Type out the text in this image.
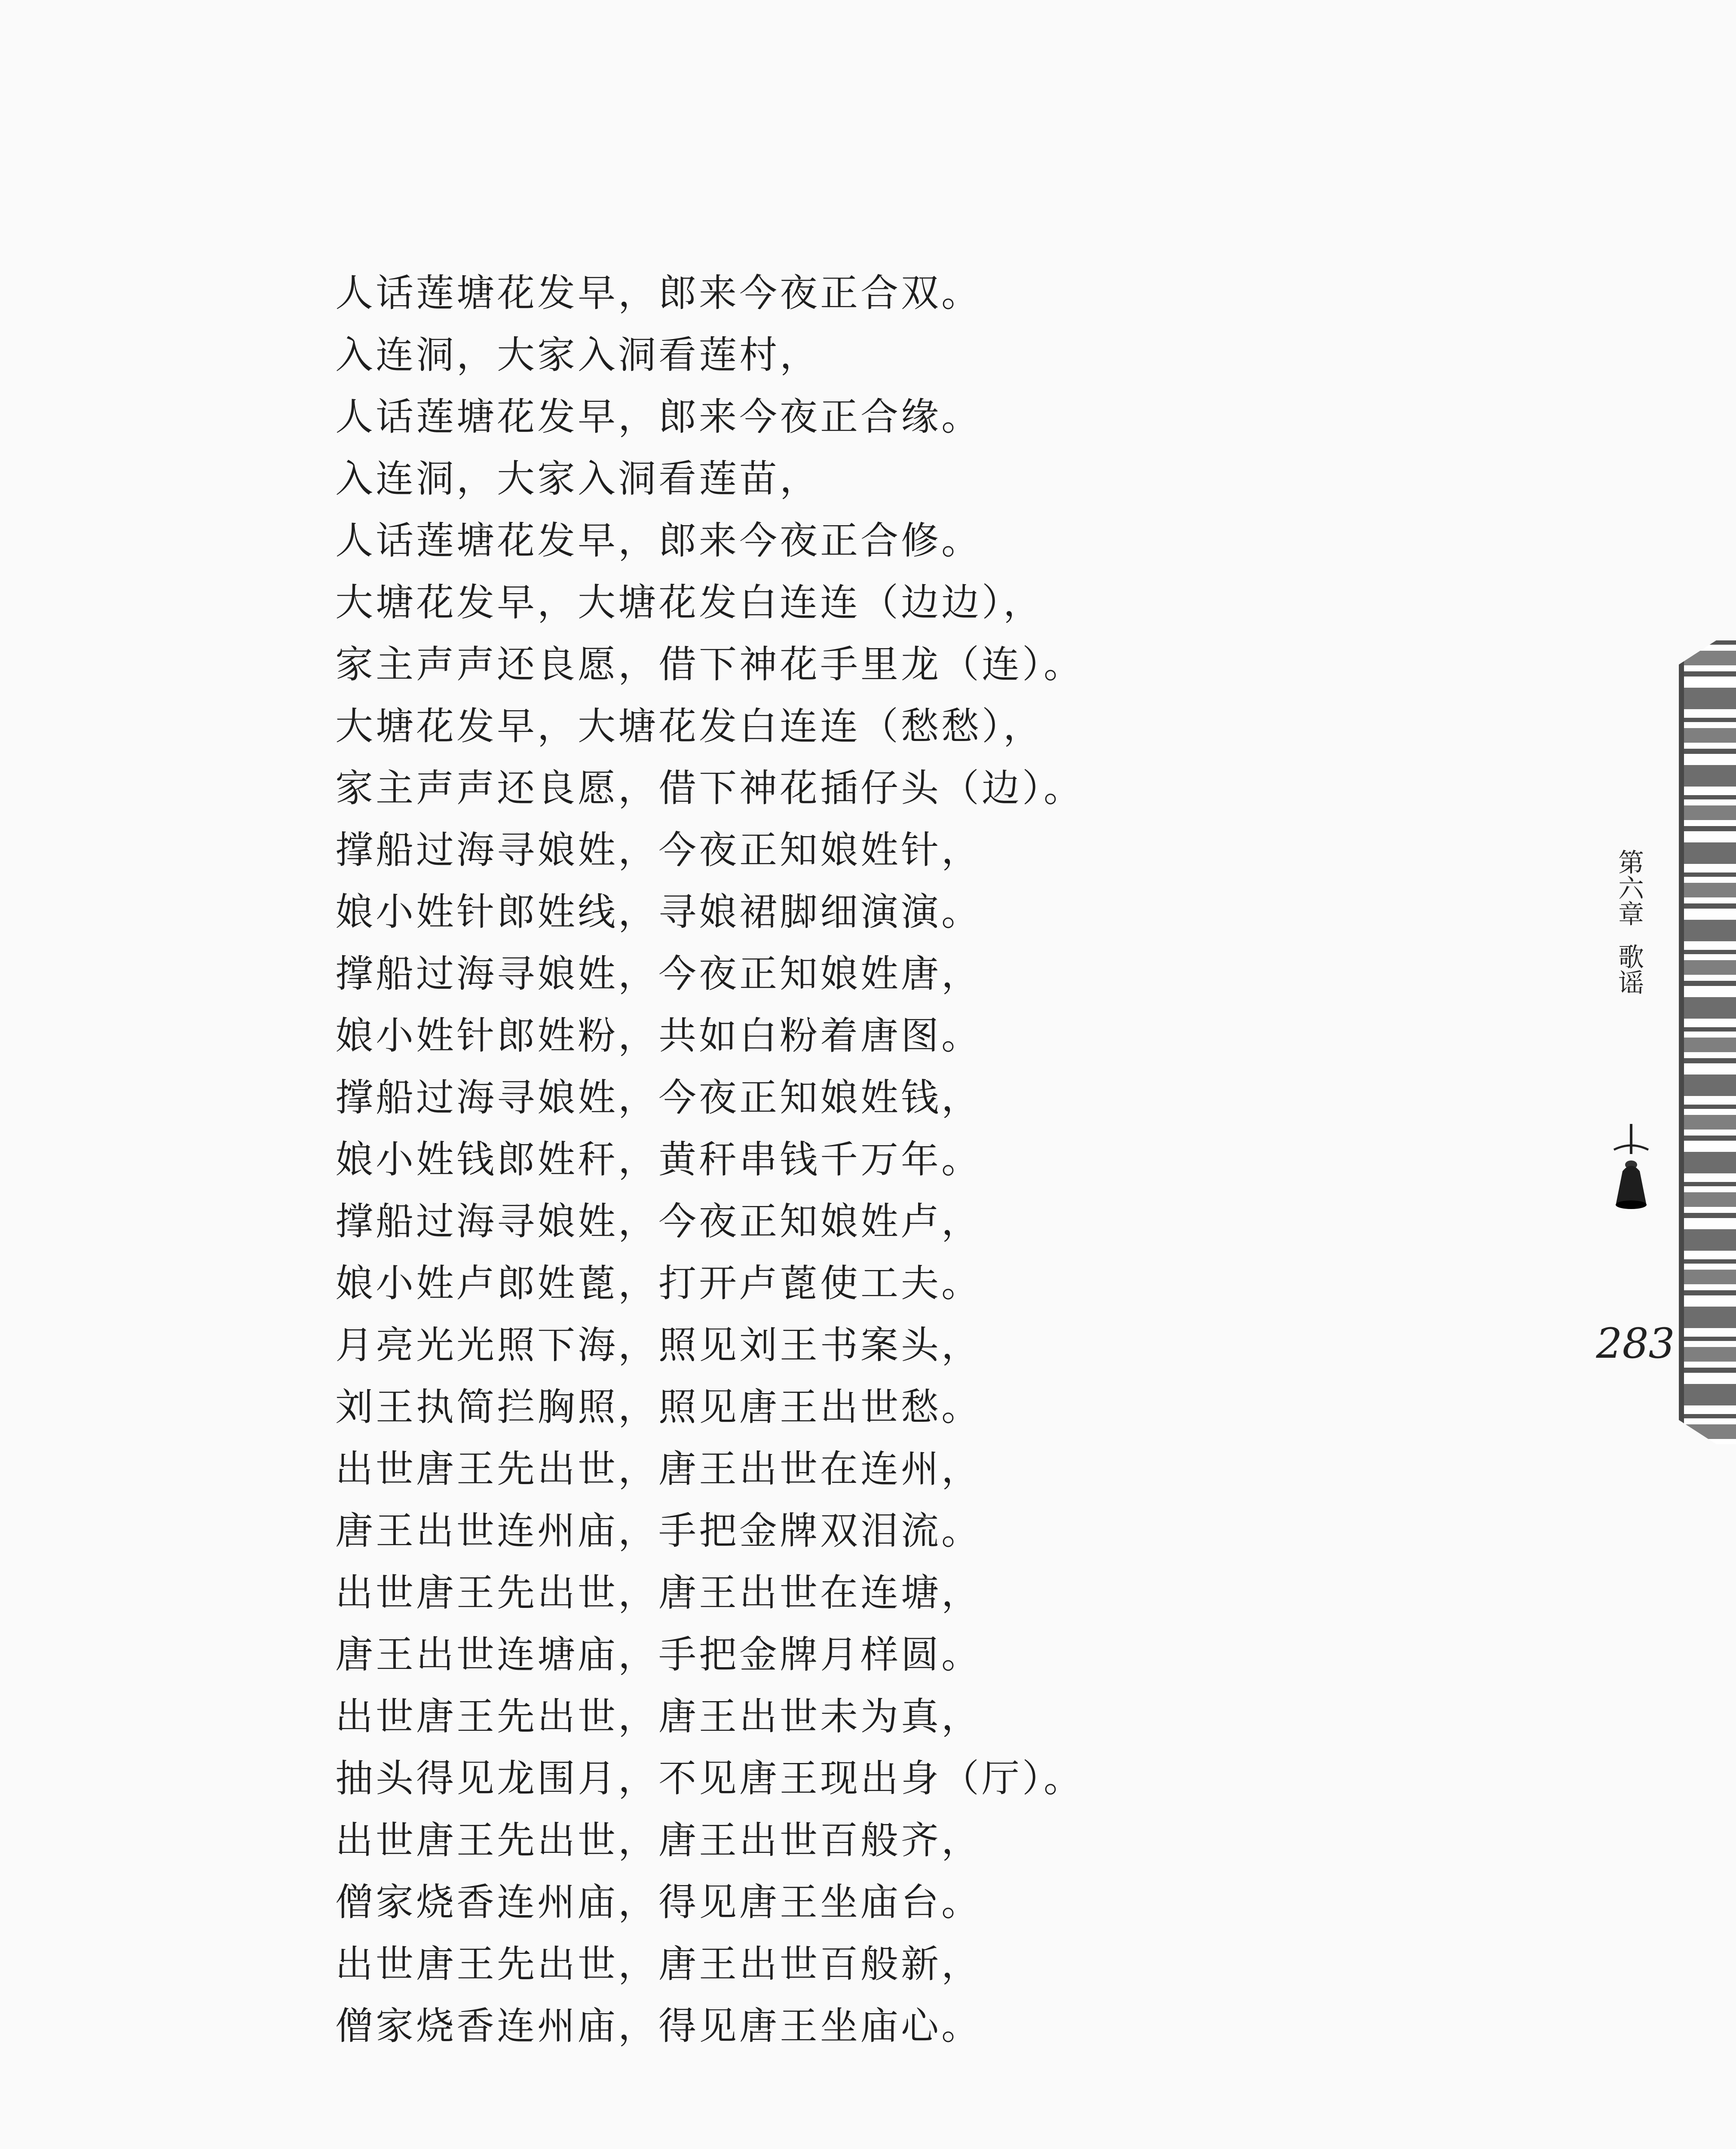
人话莲塘花发早，郎来今夜正合双。
入连洞，大家入洞看莲村，
人话莲塘花发早，郎来今夜正合缘。
入连洞，大家入洞看莲苗，
人话莲塘花发早，郎来今夜正合修。
大塘花发早，大塘花发白连连（边边），
家主声声还良愿，借下神花手里龙（连）。
大塘花发早，大塘花发白连连（愁愁），
家主声声还良愿，借下神花插仔头（边）。
撑船过海寻娘姓，今夜正知娘姓针，
娘小姓针郎姓线，寻娘裙脚细演演。
撑船过海寻娘姓，今夜正知娘姓唐，
娘小姓针郎姓粉，共如白粉着唐图。
撑船过海寻娘姓，今夜正知娘姓钱，
娘小姓钱郎姓秆，黄秆串钱千万年。
撑船过海寻娘姓，今夜正知娘姓卢，
娘小姓卢郎姓蓖，打开卢蓖使工夫。
月亮光光照下海，照见刘王书案头，
刘王执简拦胸照，照见唐王出世愁。
出世唐王先出世，唐王出世在连州，
唐王出世连州庙，手把金牌双泪流。
出世唐王先出世，唐王出世在连塘，
唐王出世连塘庙，手把金牌月样圆。
出世唐王先出世，唐王出世未为真，
抽头得见龙围月，不见唐王现出身（厅）。
出世唐王先出世，唐王出世百般齐，
僧家烧香连州庙，得见唐王坐庙台。
出世唐王先出世，唐王出世百般新，
僧家烧香连州庙，得见唐王坐庙心。
第六章
歌谣
283
